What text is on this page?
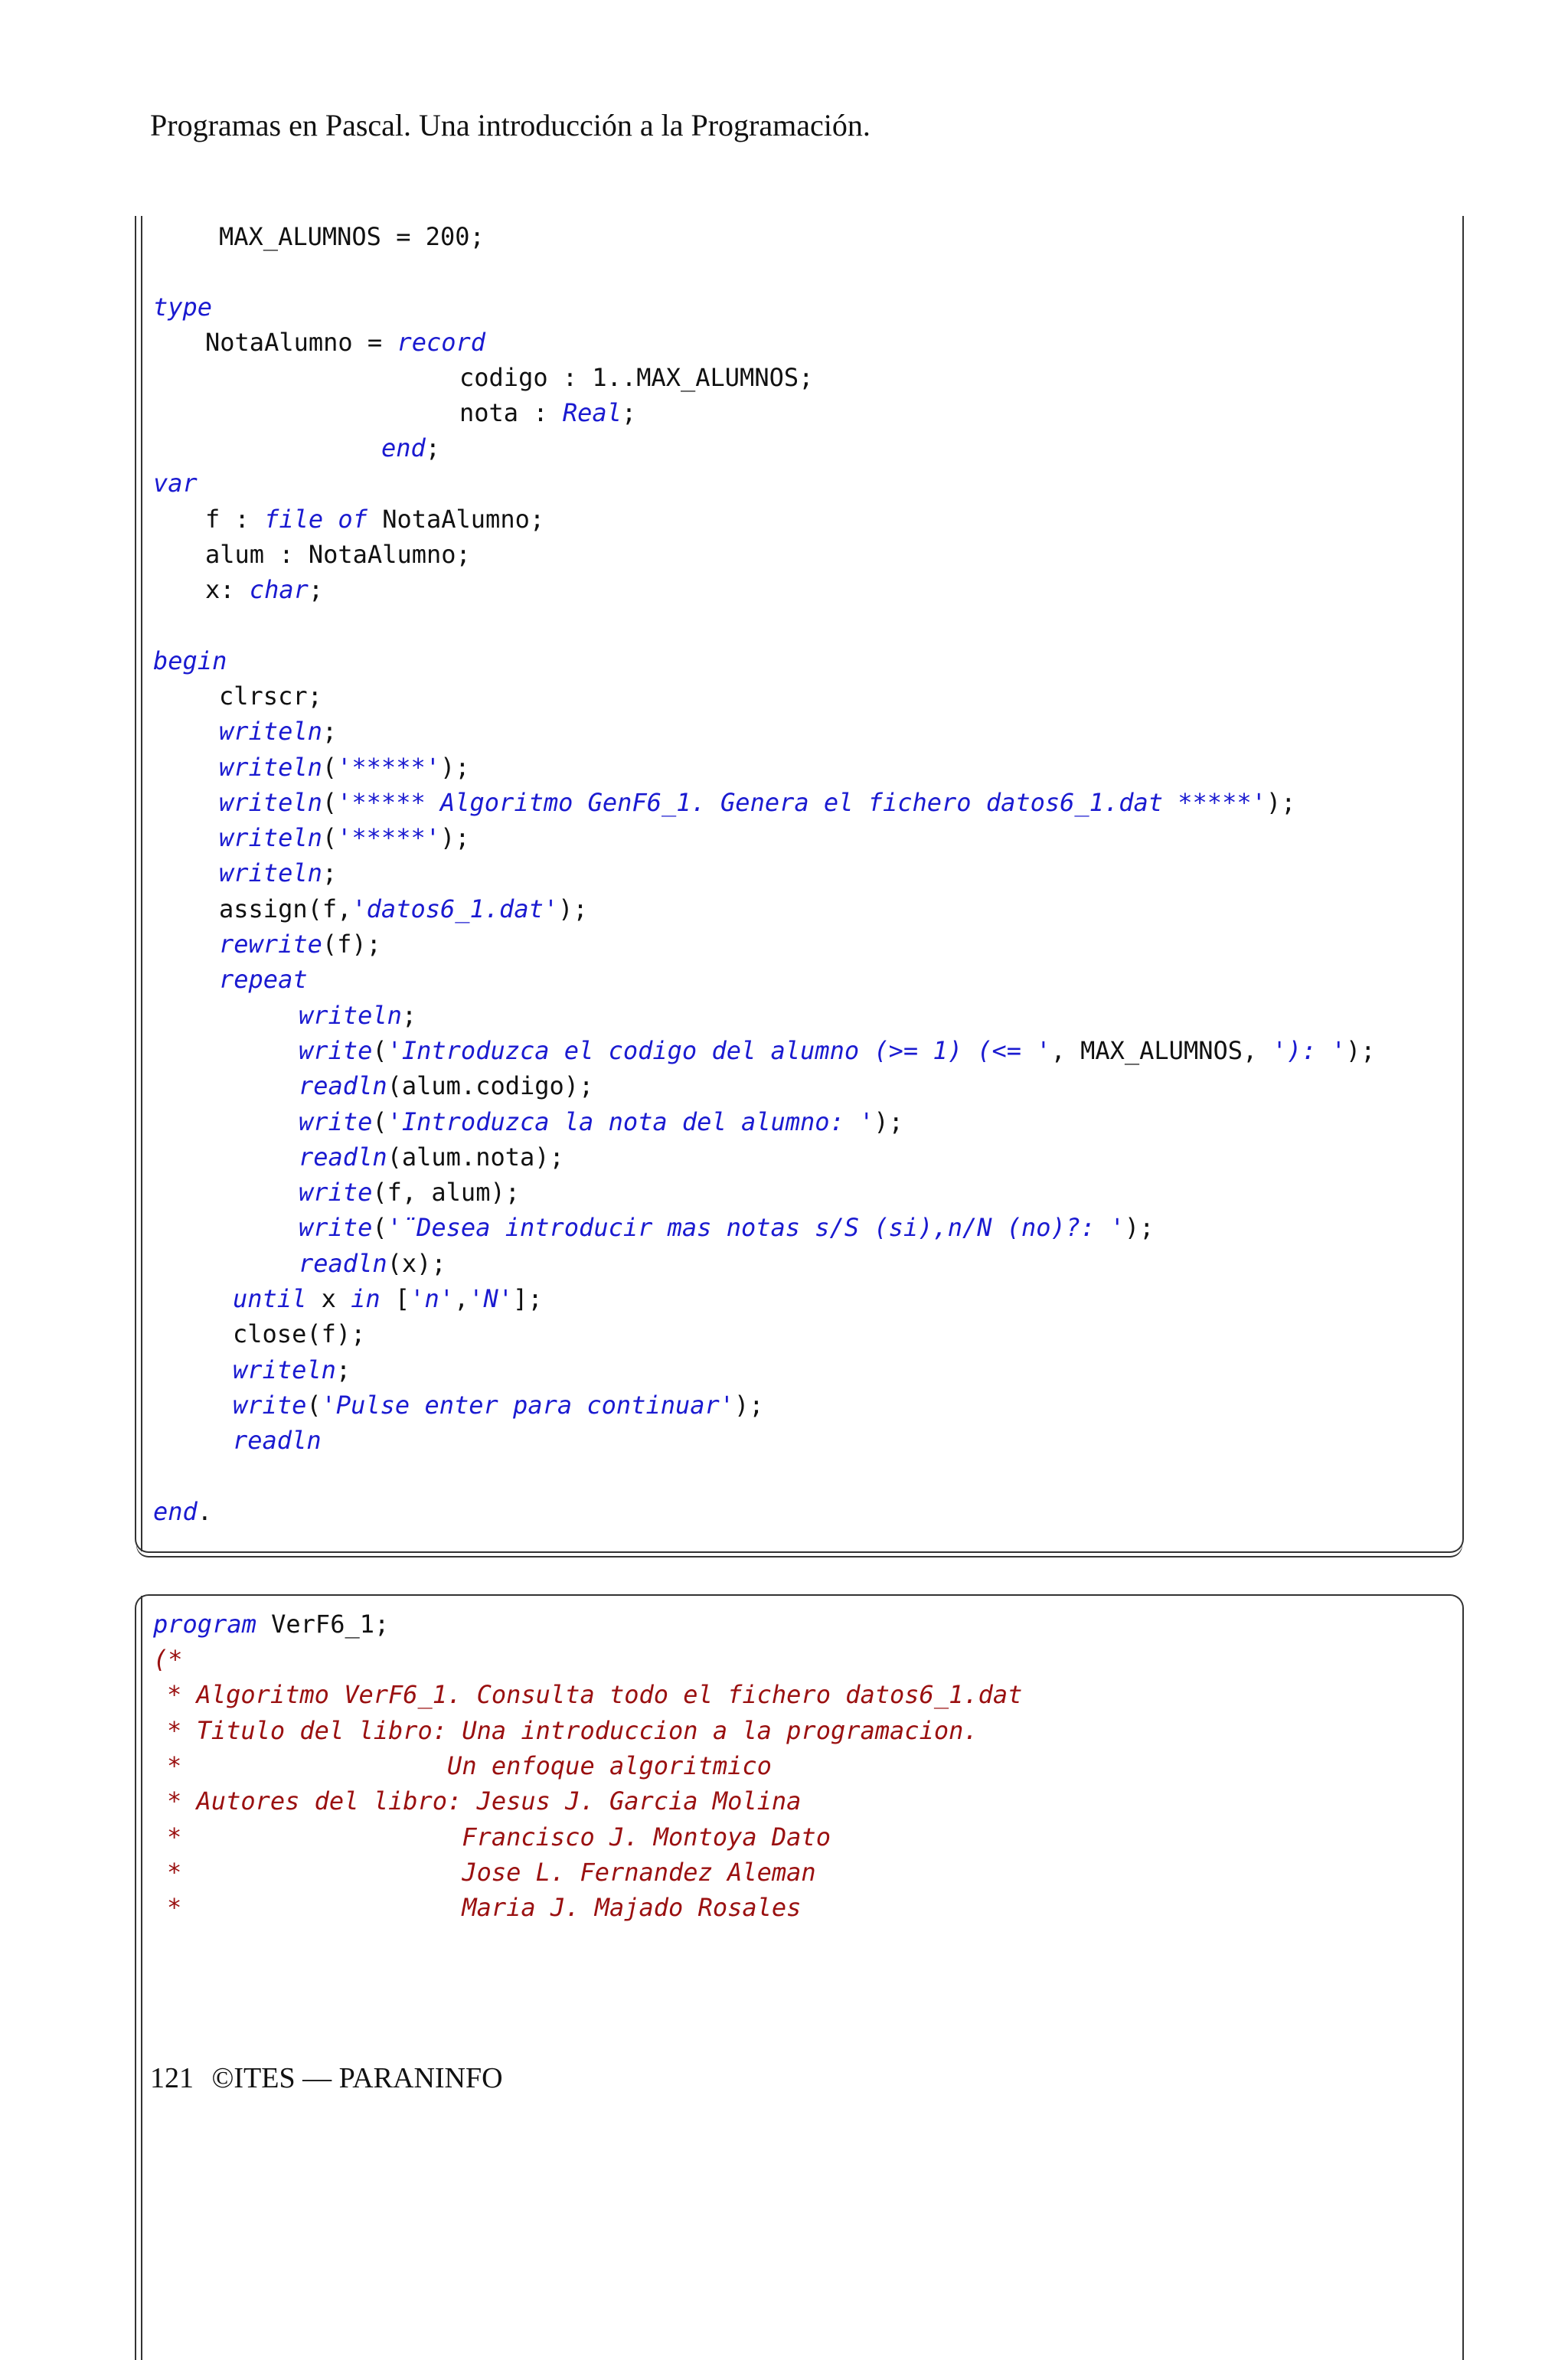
Programas en Pascal. Una introducción a la Programación.
MAX_ALUMNOS = 200;
type
NotaAlumno = record
codigo : 1..MAX_ALUMNOS;
nota : Real;
end;
var
f : file of NotaAlumno;
alum : NotaAlumno;
x: char;
begin
clrscr;
writeln;
writeln('*****');
writeln('***** Algoritmo GenF6_1. Genera el fichero datos6_1.dat *****');
writeln('*****');
writeln;
assign(f,'datos6_1.dat');
rewrite(f);
repeat
writeln;
write('Introduzca el codigo del alumno (>= 1) (<= ', MAX_ALUMNOS, '): ');
readln(alum.codigo);
write('Introduzca la nota del alumno: ');
readln(alum.nota);
write(f, alum);
write('¨Desea introducir mas notas s/S (si),n/N (no)?: ');
readln(x);
until x in ['n','N'];
close(f);
writeln;
write('Pulse enter para continuar');
readln
end.
program VerF6_1;
(*
* Algoritmo VerF6_1. Consulta todo el fichero datos6_1.dat
* Titulo del libro: Una introduccion a la programacion.
*                  Un enfoque algoritmico
* Autores del libro: Jesus J. Garcia Molina
*                   Francisco J. Montoya Dato
*                   Jose L. Fernandez Aleman
*                   Maria J. Majado Rosales
121 ©ITES — PARANINFO
